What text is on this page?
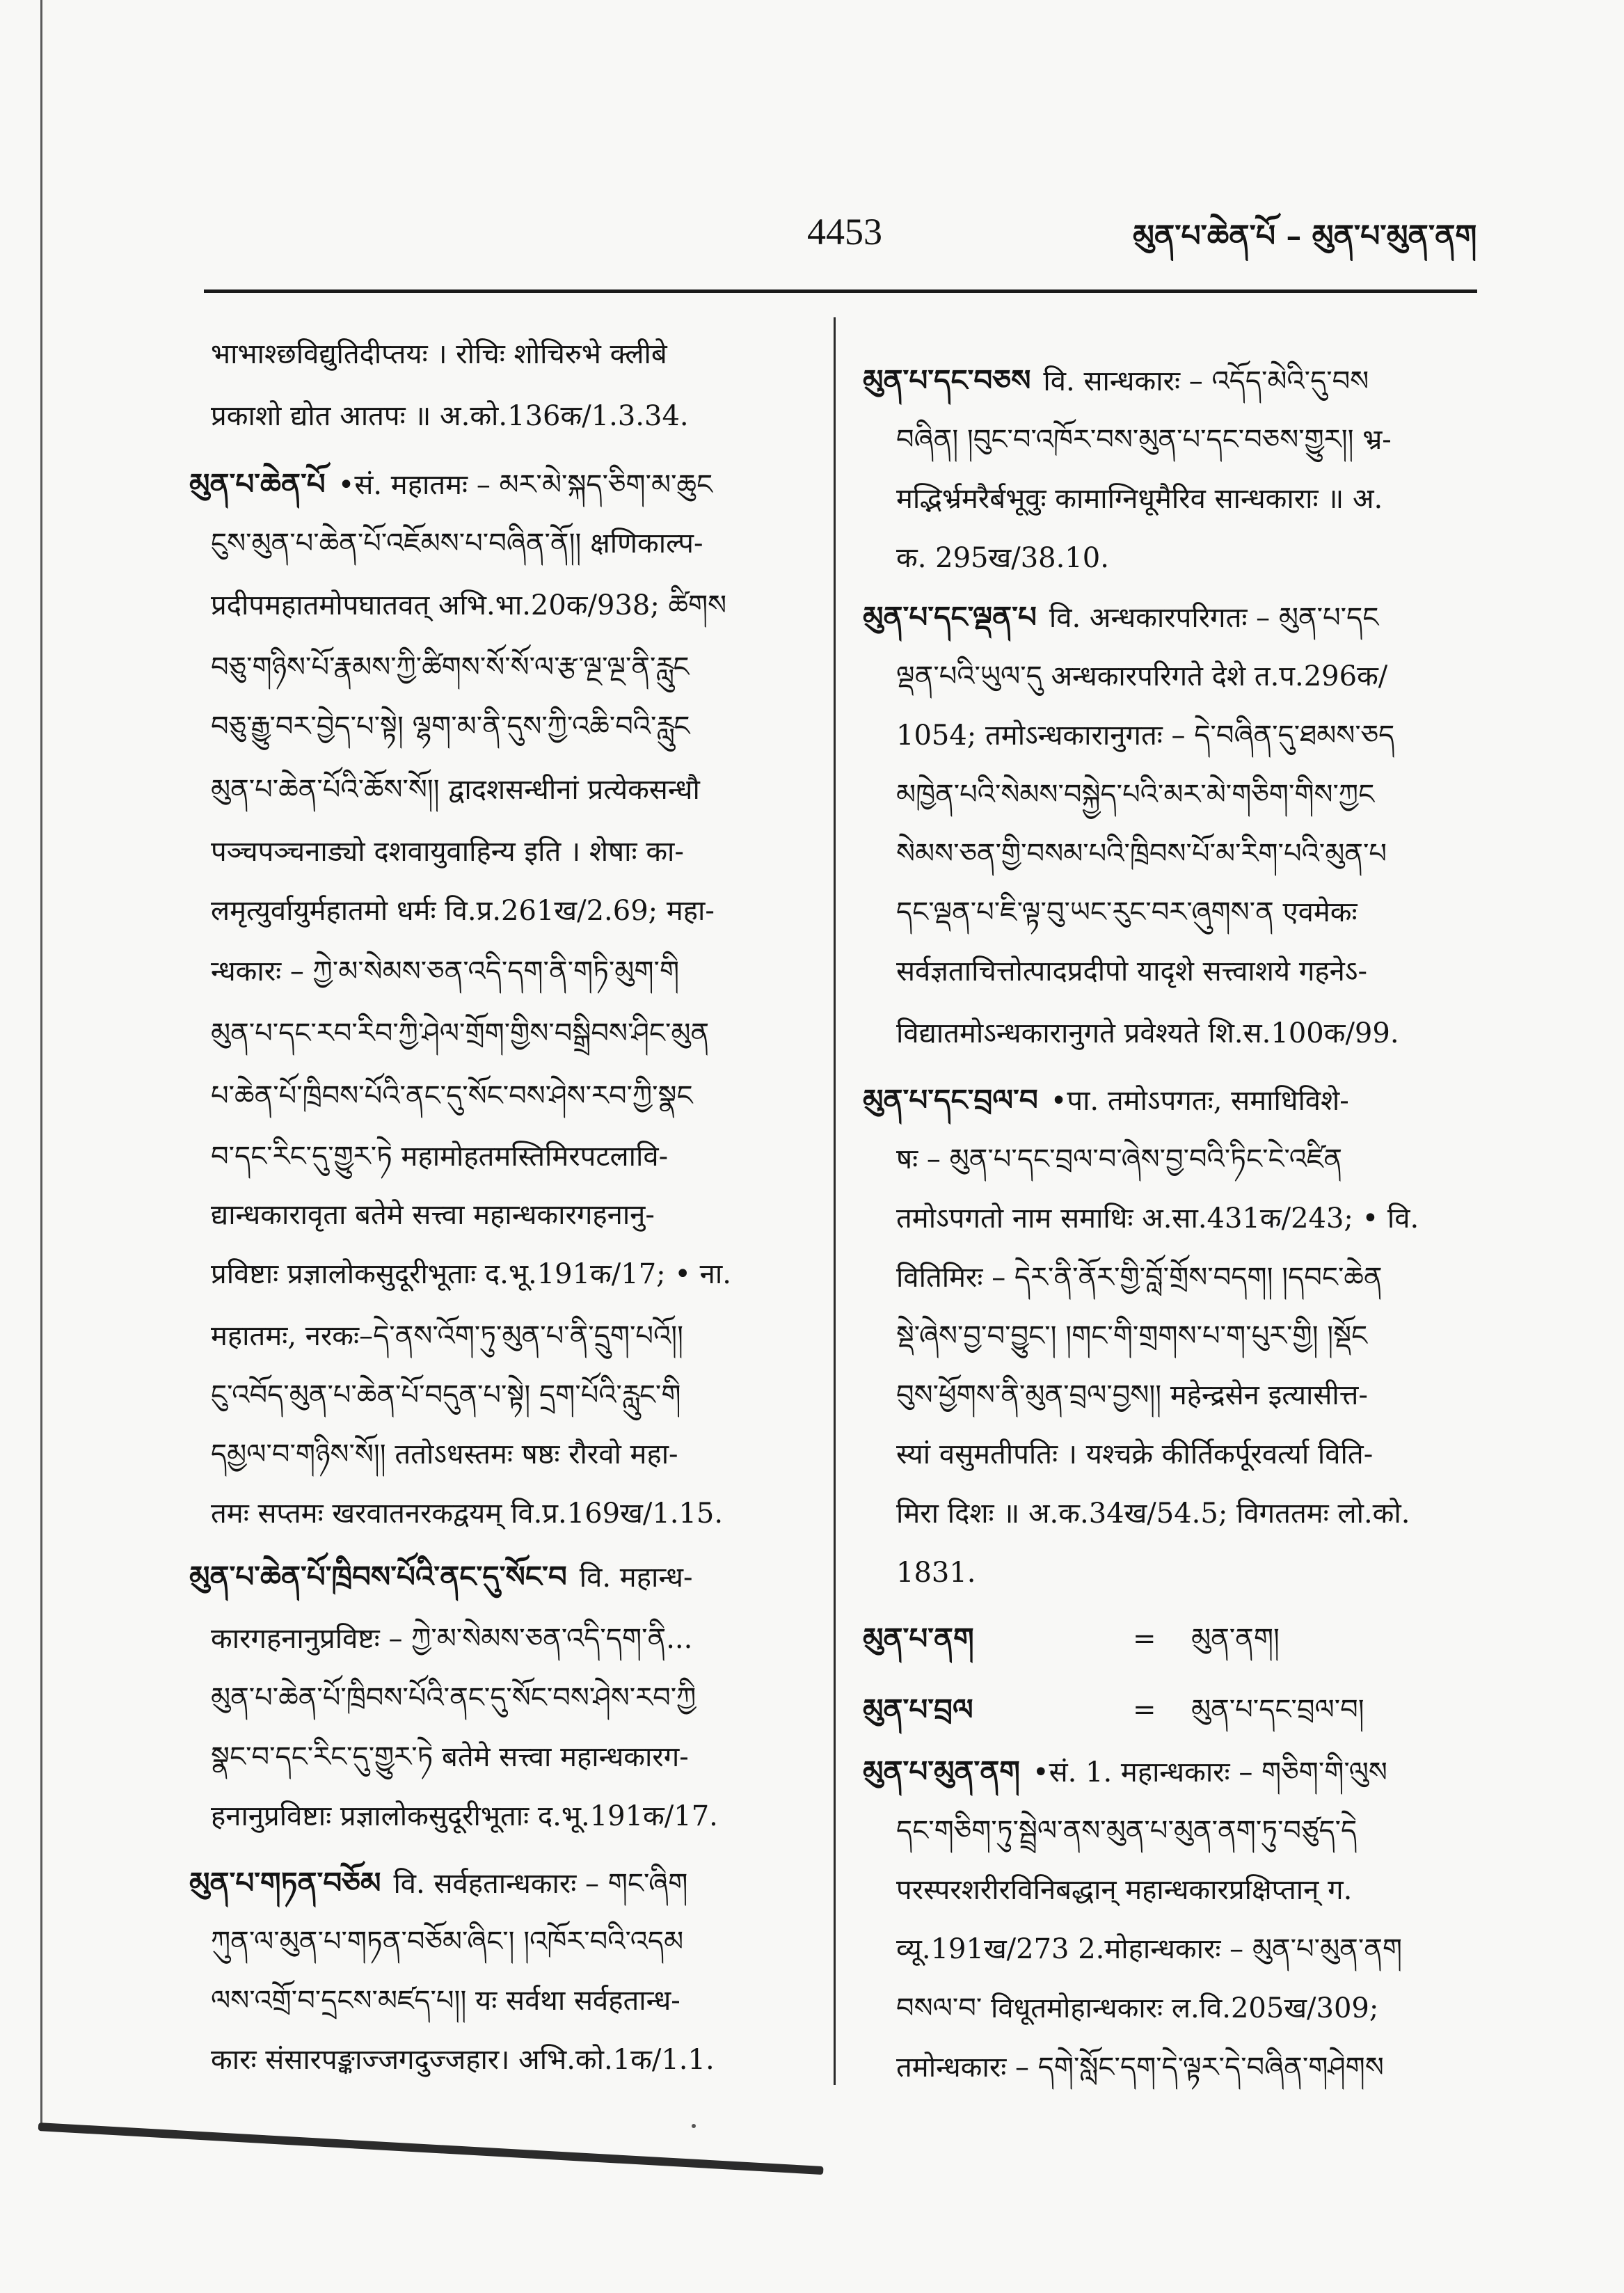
4453	མུན་པ་ཆེན་པོ – མུན་པ་མུན་ནག
भाभाश्छविद्युतिदीप्तयः । रोचिः शोचिरुभे क्लीबे
प्रकाशो द्योत आतपः ॥ अ.को.136क/1.3.34.
མུན་པ་ཆེན་པོ •सं. महातमः – མར་མེ་སྐད་ཅིག་མ་ཆུང
ངུས་མུན་པ་ཆེན་པོ་འཇོམས་པ་བཞིན་ནོ།། क्षणिकाल्प-
प्रदीपमहातमोपघातवत् अभि.भा.20क/938; ཚིགས
བཅུ་གཉིས་པོ་རྣམས་ཀྱི་ཚིགས་སོ་སོ་ལ་རྩ་ལྔ་ལྔ་ནི་རླུང
བཅུ་རྒྱུ་བར་བྱེད་པ་སྟེ། ལྷག་མ་ནི་དུས་ཀྱི་འཆི་བའི་རླུང
མུན་པ་ཆེན་པོའི་ཆོས་སོ།། द्वादशसन्धीनां प्रत्येकसन्धौ
पञ्चपञ्चनाड्यो दशवायुवाहिन्य इति । शेषाः का-
लमृत्युर्वायुर्महातमो धर्मः वि.प्र.261ख/2.69; महा-
न्धकारः – ཀྱེ་མ་སེམས་ཅན་འདི་དག་ནི་གཏི་མུག་གི
མུན་པ་དང་རབ་རིབ་ཀྱི་ཤེལ་གྲོག་གྱིས་བསྒྲིབས་ཤིང་མུན
པ་ཆེན་པོ་ཁྲིབས་པོའི་ནང་དུ་སོང་བས་ཤེས་རབ་ཀྱི་སྣང
བ་དང་རིང་དུ་གྱུར་ཏེ महामोहतमस्तिमिरपटलावि-
द्यान्धकारावृता बतेमे सत्त्वा महान्धकारगहनानु-
प्रविष्टाः प्रज्ञालोकसुदूरीभूताः द.भू.191क/17; • ना.
महातमः, नरकः–དེ་ནས་འོག་ཏུ་མུན་པ་ནི་དྲུག་པའོ།།
ངུ་འབོད་མུན་པ་ཆེན་པོ་བདུན་པ་སྟེ། དྲག་པོའི་རླུང་གི
དམྱལ་བ་གཉིས་སོ།། ततोऽधस्तमः षष्ठः रौरवो महा-
तमः सप्तमः खरवातनरकद्वयम् वि.प्र.169ख/1.15.
མུན་པ་ཆེན་པོ་ཁྲིབས་པོའི་ནང་དུ་སོང་བ वि. महान्ध-
कारगहनानुप्रविष्टः – ཀྱེ་མ་སེམས་ཅན་འདི་དག་ནི...
མུན་པ་ཆེན་པོ་ཁྲིབས་པོའི་ནང་དུ་སོང་བས་ཤེས་རབ་ཀྱི
སྣང་བ་དང་རིང་དུ་གྱུར་ཏེ बतेमे सत्त्वा महान्धकारग-
हनानुप्रविष्टाः प्रज्ञालोकसुदूरीभूताः द.भू.191क/17.
མུན་པ་གཏན་བཅོམ वि. सर्वहतान्धकारः – གང་ཞིག
ཀུན་ལ་མུན་པ་གཏན་བཅོམ་ཞིང་། །འཁོར་བའི་འདམ
ལས་འགྲོ་བ་དྲངས་མཛད་པ།། यः सर्वथा सर्वहतान्ध-
कारः संसारपङ्काज्जगदुज्जहार। अभि.को.1क/1.1.
མུན་པ་དང་བཅས वि. सान्धकारः – འདོད་མེའི་དུ་བས
བཞིན། །བུང་བ་འཁོར་བས་མུན་པ་དང་བཅས་གྱུར།། भ्र-
मद्भिर्भ्रमरैर्बभूवुः कामाग्निधूमैरिव सान्धकाराः ॥ अ.
क. 295ख/38.10.
མུན་པ་དང་ལྡན་པ वि. अन्धकारपरिगतः – མུན་པ་དང
ལྡན་པའི་ཡུལ་དུ अन्धकारपरिगते देशे त.प.296क/
1054; तमोऽन्धकारानुगतः – དེ་བཞིན་དུ་ཐམས་ཅད
མཁྱེན་པའི་སེམས་བསྐྱེད་པའི་མར་མེ་གཅིག་གིས་ཀྱང
སེམས་ཅན་གྱི་བསམ་པའི་ཁྲིབས་པོ་མ་རིག་པའི་མུན་པ
དང་ལྡན་པ་ཇི་ལྟ་བུ་ཡང་རུང་བར་ཞུགས་ན एवमेकः
सर्वज्ञताचित्तोत्पादप्रदीपो यादृशे सत्त्वाशये गहनेऽ-
विद्यातमोऽन्धकारानुगते प्रवेश्यते शि.स.100क/99.
མུན་པ་དང་བྲལ་བ •पा. तमोऽपगतः, समाधिविशे-
षः – མུན་པ་དང་བྲལ་བ་ཞེས་བྱ་བའི་ཏིང་ངེ་འཛིན
तमोऽपगतो नाम समाधिः अ.सा.431क/243; • वि.
वितिमिरः – དེར་ནི་ནོར་གྱི་བློ་གྲོས་བདག། །དབང་ཆེན
སྡེ་ཞེས་བྱ་བ་བྱུང་། །གང་གི་གྲགས་པ་ག་པུར་གྱི། །སྡོང
བུས་ཕྱོགས་ནི་མུན་བྲལ་བྱས།། महेन्द्रसेन इत्यासीत्त-
स्यां वसुमतीपतिः । यश्चक्रे कीर्तिकर्पूरवर्त्या विति-
मिरा दिशः ॥ अ.क.34ख/54.5; विगततमः लो.को.
1831.
མུན་པ་ནག	=	མུན་ནག།
མུན་པ་བྲལ	=	མུན་པ་དང་བྲལ་བ།
མུན་པ་མུན་ནག •सं. 1. महान्धकारः – གཅིག་གི་ལུས
དང་གཅིག་ཏུ་སྦྲེལ་ནས་མུན་པ་མུན་ནག་ཏུ་བཙུད་དེ
परस्परशरीरविनिबद्धान् महान्धकारप्रक्षिप्तान् ग.
व्यू.191ख/273 2.मोहान्धकारः – མུན་པ་མུན་ནག
བསལ་བ་ विधूतमोहान्धकारः ल.वि.205ख/309;
तमोन्धकारः – དགེ་སློང་དག་དེ་ལྟར་དེ་བཞིན་གཤེགས
